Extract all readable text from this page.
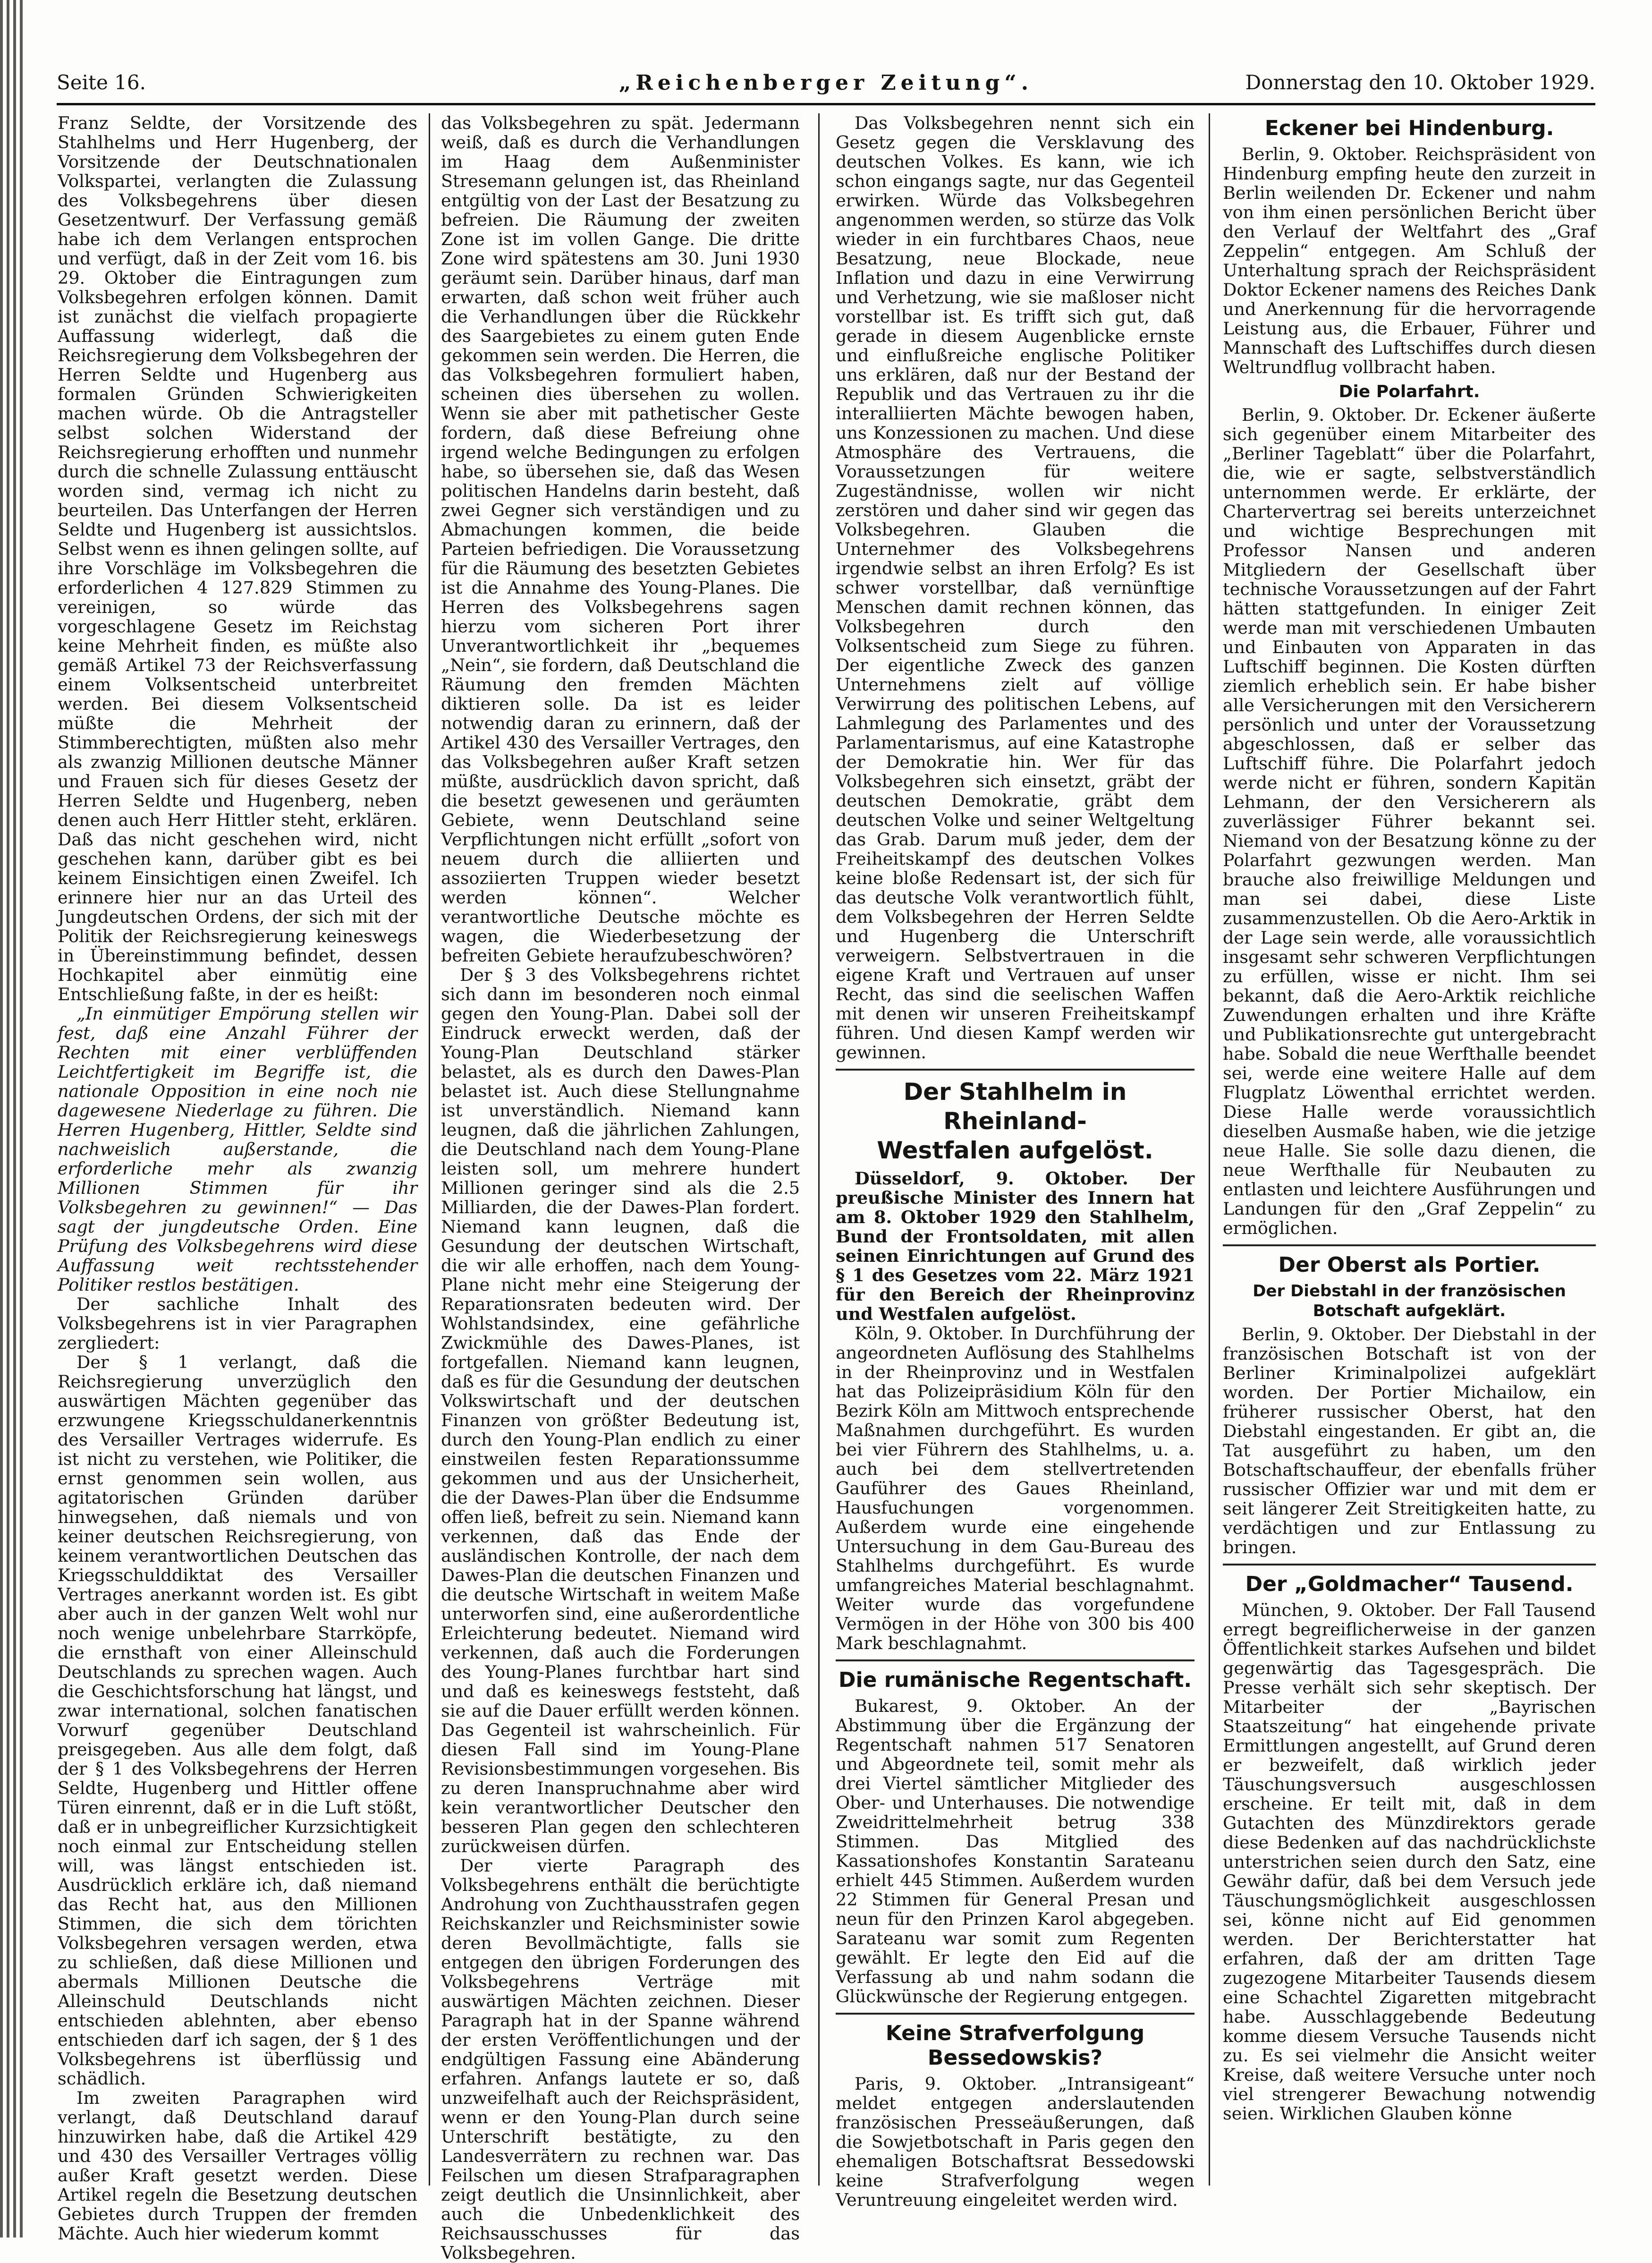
Seite 16.	„Reichenberger Zeitung“.	Donnerstag den 10. Oktober 1929.

Franz Seldte, der Vorsitzende des Stahlhelms und Herr Hugenberg, der Vorsitzende der Deutschnationalen Volkspartei, verlangten die Zulassung des Volksbegehrens über diesen Gesetzentwurf. Der Verfassung gemäß habe ich dem Verlangen entsprochen und verfügt, daß in der Zeit vom 16. bis 29. Oktober die Eintragungen zum Volksbegehren erfolgen können. Damit ist zunächst die vielfach propagierte Auffassung widerlegt, daß die Reichsregierung dem Volksbegehren der Herren Seldte und Hugenberg aus formalen Gründen Schwierigkeiten machen würde. Ob die Antragsteller selbst solchen Widerstand der Reichsregierung erhofften und nunmehr durch die schnelle Zulassung enttäuscht worden sind, vermag ich nicht zu beurteilen. Das Unterfangen der Herren Seldte und Hugenberg ist aussichtslos. Selbst wenn es ihnen gelingen sollte, auf ihre Vorschläge im Volksbegehren die erforderlichen 4 127.829 Stimmen zu vereinigen, so würde das vorgeschlagene Gesetz im Reichstag keine Mehrheit finden, es müßte also gemäß Artikel 73 der Reichsverfassung einem Volksentscheid unterbreitet werden. Bei diesem Volksentscheid müßte die Mehrheit der Stimmberechtigten, müßten also mehr als zwanzig Millionen deutsche Männer und Frauen sich für dieses Gesetz der Herren Seldte und Hugenberg, neben denen auch Herr Hittler steht, erklären. Daß das nicht geschehen wird, nicht geschehen kann, darüber gibt es bei keinem Einsichtigen einen Zweifel. Ich erinnere hier nur an das Urteil des Jungdeutschen Ordens, der sich mit der Politik der Reichsregierung keineswegs in Übereinstimmung befindet, dessen Hochkapitel aber einmütig eine Entschließung faßte, in der es heißt:

„In einmütiger Empörung stellen wir fest, daß eine Anzahl Führer der Rechten mit einer verblüffenden Leichtfertigkeit im Begriffe ist, die nationale Opposition in eine noch nie dagewesene Niederlage zu führen. Die Herren Hugenberg, Hittler, Seldte sind nachweislich außerstande, die erforderliche mehr als zwanzig Millionen Stimmen für ihr Volksbegehren zu gewinnen!“ — Das sagt der jungdeutsche Orden. Eine Prüfung des Volksbegehrens wird diese Auffassung weit rechtsstehender Politiker restlos bestätigen.

Der sachliche Inhalt des Volksbegehrens ist in vier Paragraphen zergliedert:

Der § 1 verlangt, daß die Reichsregierung unverzüglich den auswärtigen Mächten gegenüber das erzwungene Kriegsschuldanerkenntnis des Versailler Vertrages widerrufe. Es ist nicht zu verstehen, wie Politiker, die ernst genommen sein wollen, aus agitatorischen Gründen darüber hinwegsehen, daß niemals und von keiner deutschen Reichsregierung, von keinem verantwortlichen Deutschen das Kriegsschulddiktat des Versailler Vertrages anerkannt worden ist. Es gibt aber auch in der ganzen Welt wohl nur noch wenige unbelehrbare Starrköpfe, die ernsthaft von einer Alleinschuld Deutschlands zu sprechen wagen. Auch die Geschichtsforschung hat längst, und zwar international, solchen fanatischen Vorwurf gegenüber Deutschland preisgegeben. Aus alle dem folgt, daß der § 1 des Volksbegehrens der Herren Seldte, Hugenberg und Hittler offene Türen einrennt, daß er in die Luft stößt, daß er in unbegreiflicher Kurzsichtigkeit noch einmal zur Entscheidung stellen will, was längst entschieden ist. Ausdrücklich erkläre ich, daß niemand das Recht hat, aus den Millionen Stimmen, die sich dem törichten Volksbegehren versagen werden, etwa zu schließen, daß diese Millionen und abermals Millionen Deutsche die Alleinschuld Deutschlands nicht entschieden ablehnten, aber ebenso entschieden darf ich sagen, der § 1 des Volksbegehrens ist überflüssig und schädlich.

Im zweiten Paragraphen wird verlangt, daß Deutschland darauf hinzuwirken habe, daß die Artikel 429 und 430 des Versailler Vertrages völlig außer Kraft gesetzt werden. Diese Artikel regeln die Besetzung deutschen Gebietes durch Truppen der fremden Mächte. Auch hier wiederum kommt

das Volksbegehren zu spät. Jedermann weiß, daß es durch die Verhandlungen im Haag dem Außenminister Stresemann gelungen ist, das Rheinland entgültig von der Last der Besatzung zu befreien. Die Räumung der zweiten Zone ist im vollen Gange. Die dritte Zone wird spätestens am 30. Juni 1930 geräumt sein. Darüber hinaus, darf man erwarten, daß schon weit früher auch die Verhandlungen über die Rückkehr des Saargebietes zu einem guten Ende gekommen sein werden. Die Herren, die das Volksbegehren formuliert haben, scheinen dies übersehen zu wollen. Wenn sie aber mit pathetischer Geste fordern, daß diese Befreiung ohne irgend welche Bedingungen zu erfolgen habe, so übersehen sie, daß das Wesen politischen Handelns darin besteht, daß zwei Gegner sich verständigen und zu Abmachungen kommen, die beide Parteien befriedigen. Die Voraussetzung für die Räumung des besetzten Gebietes ist die Annahme des Young-Planes. Die Herren des Volksbegehrens sagen hierzu vom sicheren Port ihrer Unverantwortlichkeit ihr „bequemes „Nein“, sie fordern, daß Deutschland die Räumung den fremden Mächten diktieren solle. Da ist es leider notwendig daran zu erinnern, daß der Artikel 430 des Versailler Vertrages, den das Volksbegehren außer Kraft setzen müßte, ausdrücklich davon spricht, daß die besetzt gewesenen und geräumten Gebiete, wenn Deutschland seine Verpflichtungen nicht erfüllt „sofort von neuem durch die alliierten und assoziierten Truppen wieder besetzt werden können“. Welcher verantwortliche Deutsche möchte es wagen, die Wiederbesetzung der befreiten Gebiete heraufzubeschwören?

Der § 3 des Volksbegehrens richtet sich dann im besonderen noch einmal gegen den Young-Plan. Dabei soll der Eindruck erweckt werden, daß der Young-Plan Deutschland stärker belastet, als es durch den Dawes-Plan belastet ist. Auch diese Stellungnahme ist unverständlich. Niemand kann leugnen, daß die jährlichen Zahlungen, die Deutschland nach dem Young-Plane leisten soll, um mehrere hundert Millionen geringer sind als die 2.5 Milliarden, die der Dawes-Plan fordert. Niemand kann leugnen, daß die Gesundung der deutschen Wirtschaft, die wir alle erhoffen, nach dem Young-Plane nicht mehr eine Steigerung der Reparationsraten bedeuten wird. Der Wohlstandsindex, eine gefährliche Zwickmühle des Dawes-Planes, ist fortgefallen. Niemand kann leugnen, daß es für die Gesundung der deutschen Volkswirtschaft und der deutschen Finanzen von größter Bedeutung ist, durch den Young-Plan endlich zu einer einstweilen festen Reparationssumme gekommen und aus der Unsicherheit, die der Dawes-Plan über die Endsumme offen ließ, befreit zu sein. Niemand kann verkennen, daß das Ende der ausländischen Kontrolle, der nach dem Dawes-Plan die deutschen Finanzen und die deutsche Wirtschaft in weitem Maße unterworfen sind, eine außerordentliche Erleichterung bedeutet. Niemand wird verkennen, daß auch die Forderungen des Young-Planes furchtbar hart sind und daß es keineswegs feststeht, daß sie auf die Dauer erfüllt werden können. Das Gegenteil ist wahrscheinlich. Für diesen Fall sind im Young-Plane Revisionsbestimmungen vorgesehen. Bis zu deren Inanspruchnahme aber wird kein verantwortlicher Deutscher den besseren Plan gegen den schlechteren zurückweisen dürfen.

Der vierte Paragraph des Volksbegehrens enthält die berüchtigte Androhung von Zuchthausstrafen gegen Reichskanzler und Reichsminister sowie deren Bevollmächtigte, falls sie entgegen den übrigen Forderungen des Volksbegehrens Verträge mit auswärtigen Mächten zeichnen. Dieser Paragraph hat in der Spanne während der ersten Veröffentlichungen und der endgültigen Fassung eine Abänderung erfahren. Anfangs lautete er so, daß unzweifelhaft auch der Reichspräsident, wenn er den Young-Plan durch seine Unterschrift bestätigte, zu den Landesverrätern zu rechnen war. Das Feilschen um diesen Strafparagraphen zeigt deutlich die Unsinnlichkeit, aber auch die Unbedenklichkeit des Reichsausschusses für das Volksbegehren.

Das Volksbegehren nennt sich ein Gesetz gegen die Versklavung des deutschen Volkes. Es kann, wie ich schon eingangs sagte, nur das Gegenteil erwirken. Würde das Volksbegehren angenommen werden, so stürze das Volk wieder in ein furchtbares Chaos, neue Besatzung, neue Blockade, neue Inflation und dazu in eine Verwirrung und Verhetzung, wie sie maßloser nicht vorstellbar ist. Es trifft sich gut, daß gerade in diesem Augenblicke ernste und einflußreiche englische Politiker uns erklären, daß nur der Bestand der Republik und das Vertrauen zu ihr die interalliierten Mächte bewogen haben, uns Konzessionen zu machen. Und diese Atmosphäre des Vertrauens, die Voraussetzungen für weitere Zugeständnisse, wollen wir nicht zerstören und daher sind wir gegen das Volksbegehren. Glauben die Unternehmer des Volksbegehrens irgendwie selbst an ihren Erfolg? Es ist schwer vorstellbar, daß vernünftige Menschen damit rechnen können, das Volksbegehren durch den Volksentscheid zum Siege zu führen. Der eigentliche Zweck des ganzen Unternehmens zielt auf völlige Verwirrung des politischen Lebens, auf Lahmlegung des Parlamentes und des Parlamentarismus, auf eine Katastrophe der Demokratie hin. Wer für das Volksbegehren sich einsetzt, gräbt der deutschen Demokratie, gräbt dem deutschen Volke und seiner Weltgeltung das Grab. Darum muß jeder, dem der Freiheitskampf des deutschen Volkes keine bloße Redensart ist, der sich für das deutsche Volk verantwortlich fühlt, dem Volksbegehren der Herren Seldte und Hugenberg die Unterschrift verweigern. Selbstvertrauen in die eigene Kraft und Vertrauen auf unser Recht, das sind die seelischen Waffen mit denen wir unseren Freiheitskampf führen. Und diesen Kampf werden wir gewinnen.

Der Stahlhelm in Rheinland-
Westfalen aufgelöst.

Düsseldorf, 9. Oktober. Der preußische Minister des Innern hat am 8. Oktober 1929 den Stahlhelm, Bund der Frontsoldaten, mit allen seinen Einrichtungen auf Grund des § 1 des Gesetzes vom 22. März 1921 für den Bereich der Rheinprovinz und Westfalen aufgelöst.

Köln, 9. Oktober. In Durchführung der angeordneten Auflösung des Stahlhelms in der Rheinprovinz und in Westfalen hat das Polizeipräsidium Köln für den Bezirk Köln am Mittwoch entsprechende Maßnahmen durchgeführt. Es wurden bei vier Führern des Stahlhelms, u. a. auch bei dem stellvertretenden Gauführer des Gaues Rheinland, Hausfuchungen vorgenommen. Außerdem wurde eine eingehende Untersuchung in dem Gau-Bureau des Stahlhelms durchgeführt. Es wurde umfangreiches Material beschlagnahmt. Weiter wurde das vorgefundene Vermögen in der Höhe von 300 bis 400 Mark beschlagnahmt.

Die rumänische Regentschaft.

Bukarest, 9. Oktober. An der Abstimmung über die Ergänzung der Regentschaft nahmen 517 Senatoren und Abgeordnete teil, somit mehr als drei Viertel sämtlicher Mitglieder des Ober- und Unterhauses. Die notwendige Zweidrittelmehrheit betrug 338 Stimmen. Das Mitglied des Kassationshofes Konstantin Sarateanu erhielt 445 Stimmen. Außerdem wurden 22 Stimmen für General Presan und neun für den Prinzen Karol abgegeben. Sarateanu war somit zum Regenten gewählt. Er legte den Eid auf die Verfassung ab und nahm sodann die Glückwünsche der Regierung entgegen.

Keine Strafverfolgung Bessedowskis?

Paris, 9. Oktober. „Intransigeant“ meldet entgegen anderslautenden französischen Presseäußerungen, daß die Sowjetbotschaft in Paris gegen den ehemaligen Botschaftsrat Bessedowski keine Strafverfolgung wegen Veruntreuung eingeleitet werden wird.

Eckener bei Hindenburg.

Berlin, 9. Oktober. Reichspräsident von Hindenburg empfing heute den zurzeit in Berlin weilenden Dr. Eckener und nahm von ihm einen persönlichen Bericht über den Verlauf der Weltfahrt des „Graf Zeppelin“ entgegen. Am Schluß der Unterhaltung sprach der Reichspräsident Doktor Eckener namens des Reiches Dank und Anerkennung für die hervorragende Leistung aus, die Erbauer, Führer und Mannschaft des Luftschiffes durch diesen Weltrundflug vollbracht haben.

Die Polarfahrt.

Berlin, 9. Oktober. Dr. Eckener äußerte sich gegenüber einem Mitarbeiter des „Berliner Tageblatt“ über die Polarfahrt, die, wie er sagte, selbstverständlich unternommen werde. Er erklärte, der Chartervertrag sei bereits unterzeichnet und wichtige Besprechungen mit Professor Nansen und anderen Mitgliedern der Gesellschaft über technische Voraussetzungen auf der Fahrt hätten stattgefunden. In einiger Zeit werde man mit verschiedenen Umbauten und Einbauten von Apparaten in das Luftschiff beginnen. Die Kosten dürften ziemlich erheblich sein. Er habe bisher alle Versicherungen mit den Versicherern persönlich und unter der Voraussetzung abgeschlossen, daß er selber das Luftschiff führe. Die Polarfahrt jedoch werde nicht er führen, sondern Kapitän Lehmann, der den Versicherern als zuverlässiger Führer bekannt sei. Niemand von der Besatzung könne zu der Polarfahrt gezwungen werden. Man brauche also freiwillige Meldungen und man sei dabei, diese Liste zusammenzustellen. Ob die Aero-Arktik in der Lage sein werde, alle voraussichtlich insgesamt sehr schweren Verpflichtungen zu erfüllen, wisse er nicht. Ihm sei bekannt, daß die Aero-Arktik reichliche Zuwendungen erhalten und ihre Kräfte und Publikationsrechte gut untergebracht habe. Sobald die neue Werfthalle beendet sei, werde eine weitere Halle auf dem Flugplatz Löwenthal errichtet werden. Diese Halle werde voraussichtlich dieselben Ausmaße haben, wie die jetzige neue Halle. Sie solle dazu dienen, die neue Werfthalle für Neubauten zu entlasten und leichtere Ausführungen und Landungen für den „Graf Zeppelin“ zu ermöglichen.

Der Oberst als Portier.
Der Diebstahl in der französischen Botschaft aufgeklärt.

Berlin, 9. Oktober. Der Diebstahl in der französischen Botschaft ist von der Berliner Kriminalpolizei aufgeklärt worden. Der Portier Michailow, ein früherer russischer Oberst, hat den Diebstahl eingestanden. Er gibt an, die Tat ausgeführt zu haben, um den Botschaftschauffeur, der ebenfalls früher russischer Offizier war und mit dem er seit längerer Zeit Streitigkeiten hatte, zu verdächtigen und zur Entlassung zu bringen.

Der „Goldmacher“ Tausend.

München, 9. Oktober. Der Fall Tausend erregt begreiflicherweise in der ganzen Öffentlichkeit starkes Aufsehen und bildet gegenwärtig das Tagesgespräch. Die Presse verhält sich sehr skeptisch. Der Mitarbeiter der „Bayrischen Staatszeitung“ hat eingehende private Ermittlungen angestellt, auf Grund deren er bezweifelt, daß wirklich jeder Täuschungsversuch ausgeschlossen erscheine. Er teilt mit, daß in dem Gutachten des Münzdirektors gerade diese Bedenken auf das nachdrücklichste unterstrichen seien durch den Satz, eine Gewähr dafür, daß bei dem Versuch jede Täuschungsmöglichkeit ausgeschlossen sei, könne nicht auf Eid genommen werden. Der Berichterstatter hat erfahren, daß der am dritten Tage zugezogene Mitarbeiter Tausends diesem eine Schachtel Zigaretten mitgebracht habe. Ausschlaggebende Bedeutung komme diesem Versuche Tausends nicht zu. Es sei vielmehr die Ansicht weiter Kreise, daß weitere Versuche unter noch viel strengerer Bewachung notwendig seien. Wirklichen Glauben könne
